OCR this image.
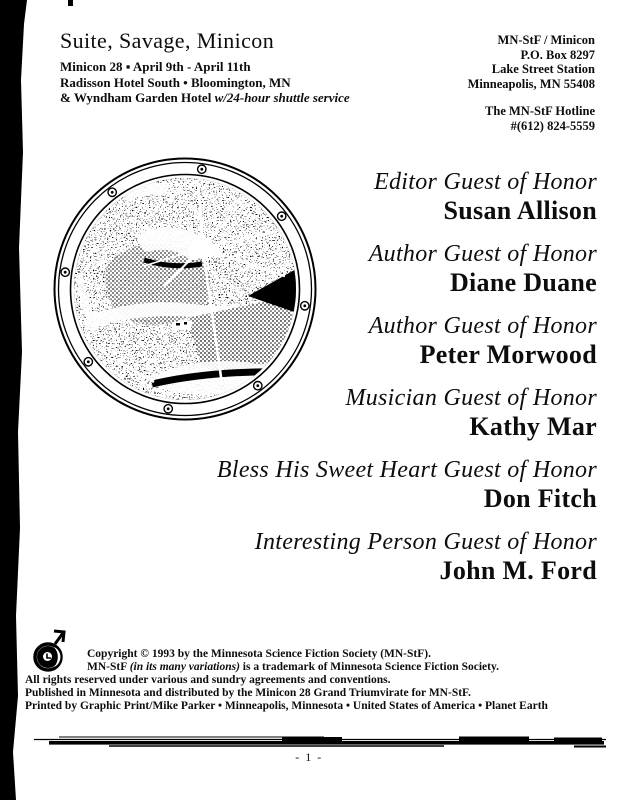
Suite, Savage, Minicon
Minicon 28 ▪ April 9th - April 11th
Radisson Hotel South • Bloomington, MN
& Wyndham Garden Hotel w/24-hour shuttle service
MN-StF / Minicon
P.O. Box 8297
Lake Street Station
Minneapolis, MN 55408
The MN-StF Hotline
#(612) 824-5559
Editor Guest of Honor
Susan Allison
Author Guest of Honor
Diane Duane
Author Guest of Honor
Peter Morwood
Musician Guest of Honor
Kathy Mar
Bless His Sweet Heart Guest of Honor
Don Fitch
Interesting Person Guest of Honor
John M. Ford
Copyright © 1993 by the Minnesota Science Fiction Society (MN-StF).
MN-StF (in its many variations) is a trademark of Minnesota Science Fiction Society.
All rights reserved under various and sundry agreements and conventions.
Published in Minnesota and distributed by the Minicon 28 Grand Triumvirate for MN-StF.
Printed by Graphic Print/Mike Parker • Minneapolis, Minnesota • United States of America • Planet Earth
- 1 -
